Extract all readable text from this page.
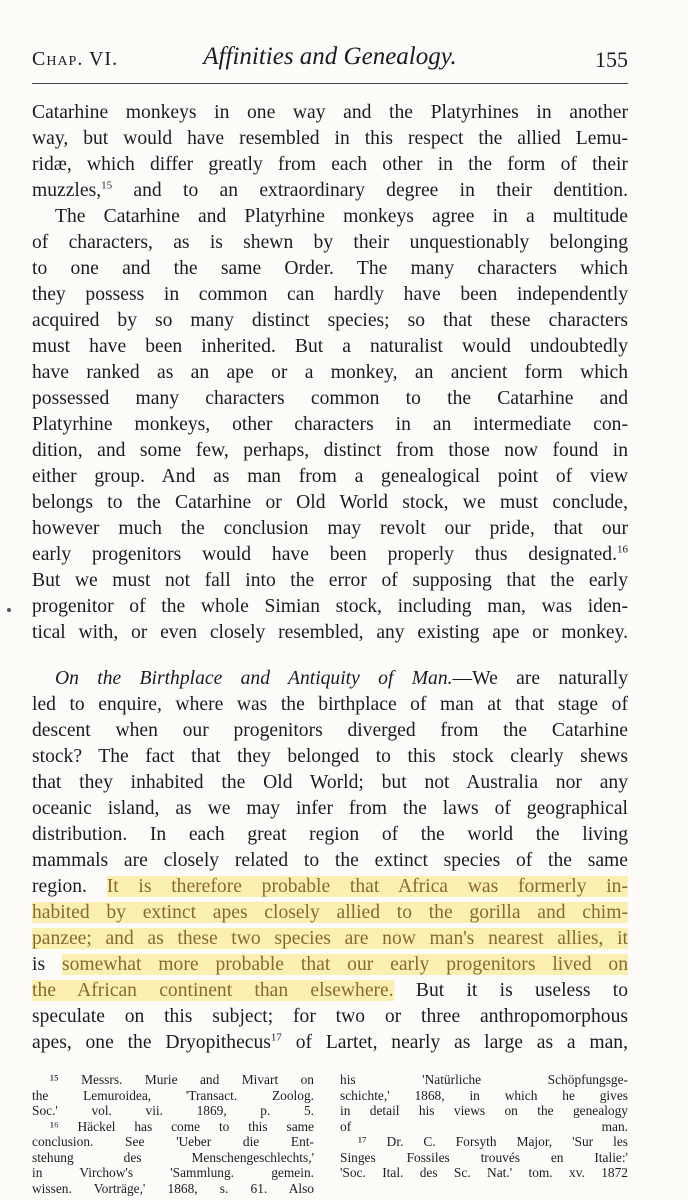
Chap. VI.	Affinities and Genealogy.	155
Catarhine monkeys in one way and the Platyrhines in another
way, but would have resembled in this respect the allied Lemu-
ridæ, which differ greatly from each other in the form of their
muzzles,$^{15}$ and to an extraordinary degree in their dentition.
The Catarhine and Platyrhine monkeys agree in a multitude
of characters, as is shewn by their unquestionably belonging
to one and the same Order. The many characters which
they possess in common can hardly have been independently
acquired by so many distinct species; so that these characters
must have been inherited. But a naturalist would undoubtedly
have ranked as an ape or a monkey, an ancient form which
possessed many characters common to the Catarhine and
Platyrhine monkeys, other characters in an intermediate con-
dition, and some few, perhaps, distinct from those now found in
either group. And as man from a genealogical point of view
belongs to the Catarhine or Old World stock, we must conclude,
however much the conclusion may revolt our pride, that our
early progenitors would have been properly thus designated.$^{16}$
But we must not fall into the error of supposing that the early
progenitor of the whole Simian stock, including man, was iden-
tical with, or even closely resembled, any existing ape or monkey.
On the Birthplace and Antiquity of Man.—We are naturally
led to enquire, where was the birthplace of man at that stage of
descent when our progenitors diverged from the Catarhine
stock? The fact that they belonged to this stock clearly shews
that they inhabited the Old World; but not Australia nor any
oceanic island, as we may infer from the laws of geographical
distribution. In each great region of the world the living
mammals are closely related to the extinct species of the same
region. It is therefore probable that Africa was formerly in-
habited by extinct apes closely allied to the gorilla and chim-
panzee; and as these two species are now man's nearest allies, it
is somewhat more probable that our early progenitors lived on
the African continent than elsewhere. But it is useless to
speculate on this subject; for two or three anthropomorphous
apes, one the Dryopithecus$^{17}$ of Lartet, nearly as large as a man,
¹⁵ Messrs. Murie and Mivart on
the Lemuroidea, 'Transact. Zoolog.
Soc.' vol. vii. 1869, p. 5.
¹⁶ Häckel has come to this same
conclusion. See 'Ueber die Ent-
stehung des Menschengeschlechts,'
in Virchow's 'Sammlung. gemein.
wissen. Vorträge,' 1868, s. 61. Also
his 'Natürliche Schöpfungsge-
schichte,' 1868, in which he gives
in detail his views on the genealogy
of man.
¹⁷ Dr. C. Forsyth Major, 'Sur les
Singes Fossiles trouvés en Italie:'
'Soc. Ital. des Sc. Nat.' tom. xv. 1872
